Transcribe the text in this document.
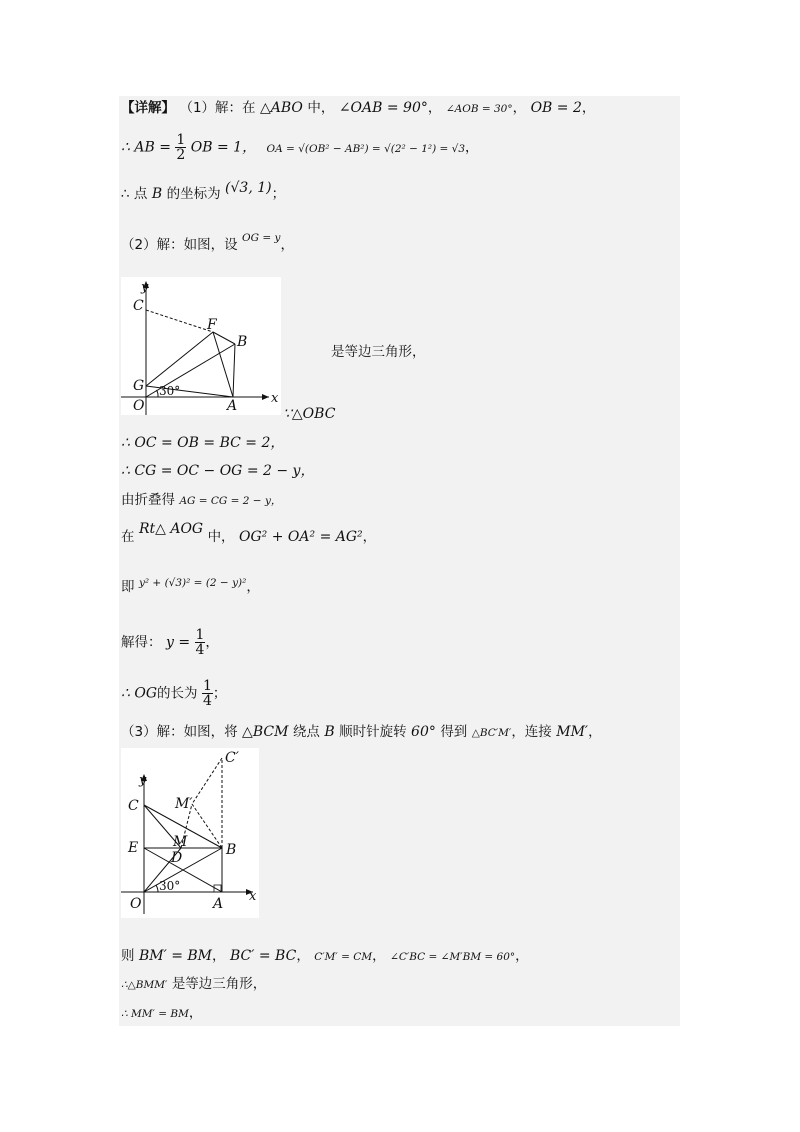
【详解】 （1）解：在 △ABO 中， ∠OAB = 90°， ∠AOB = 30°， OB = 2，
∴ AB = $\frac{1}{2}$ OB = 1， OA = √(OB² − AB²) = √(2² − 1²) = √3，
∴ 点 B 的坐标为 (√3, 1)；
（2）解：如图，设 $^{OG = y}$，
y
C
F
B
G 30°
O	A	x
是等边三角形，
∵△OBC
∴ OC = OB = BC = 2，
∴ CG = OC − OG = 2 − y，
由折叠得 AG = CG = 2 − y，
在 Rt△ AOG 中， OG² + OA² = AG²，
即 $^{y^2 + (√3)^2 = (2 - y)^2}$，
解得： $y = \frac{1}{4}$ ，
∴ OG的长为 $\frac{1}{4}$ ；
（3）解：如图，将 △BCM 绕点 B 顺时针旋转 60° 得到 △BC′M′，连接 MM′，
C′
y
M′
C
E M	B
D
30°
O	A x
则 BM′ = BM， BC′ = BC， C′M′ = CM， ∠C′BC = ∠M′BM = 60°，
∴△BMM′ 是等边三角形，
∴ MM′ = BM，
